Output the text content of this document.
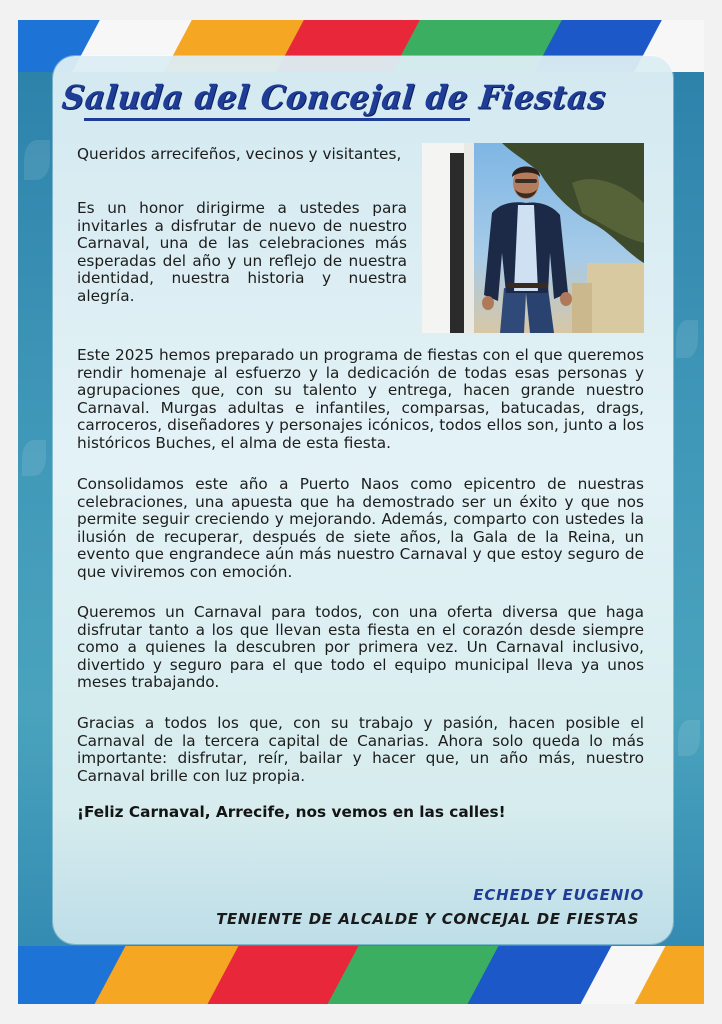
Saluda del Concejal de Fiestas

Queridos arrecifeños, vecinos y visitantes,

Es un honor dirigirme a ustedes para invitarles a disfrutar de nuevo de nuestro Carnaval, una de las celebraciones más esperadas del año y un reflejo de nuestra identidad, nuestra historia y nuestra alegría.

Este 2025 hemos preparado un programa de fiestas con el que queremos rendir homenaje al esfuerzo y la dedicación de todas esas personas y agrupaciones que, con su talento y entrega, hacen grande nuestro Carnaval. Murgas adultas e infantiles, comparsas, batucadas, drags, carroceros, diseñadores y personajes icónicos, todos ellos son, junto a los históricos Buches, el alma de esta fiesta.

Consolidamos este año a Puerto Naos como epicentro de nuestras celebraciones, una apuesta que ha demostrado ser un éxito y que nos permite seguir creciendo y mejorando. Además, comparto con ustedes la ilusión de recuperar, después de siete años, la Gala de la Reina, un evento que engrandece aún más nuestro Carnaval y que estoy seguro de que viviremos con emoción.

Queremos un Carnaval para todos, con una oferta diversa que haga disfrutar tanto a los que llevan esta fiesta en el corazón desde siempre como a quienes la descubren por primera vez. Un Carnaval inclusivo, divertido y seguro para el que todo el equipo municipal lleva ya unos meses trabajando.

Gracias a todos los que, con su trabajo y pasión, hacen posible el Carnaval de la tercera capital de Canarias. Ahora solo queda lo más importante: disfrutar, reír, bailar y hacer que, un año más, nuestro Carnaval brille con luz propia.

¡Feliz Carnaval, Arrecife, nos vemos en las calles!

ECHEDEY EUGENIO

TENIENTE DE ALCALDE Y CONCEJAL DE FIESTAS
